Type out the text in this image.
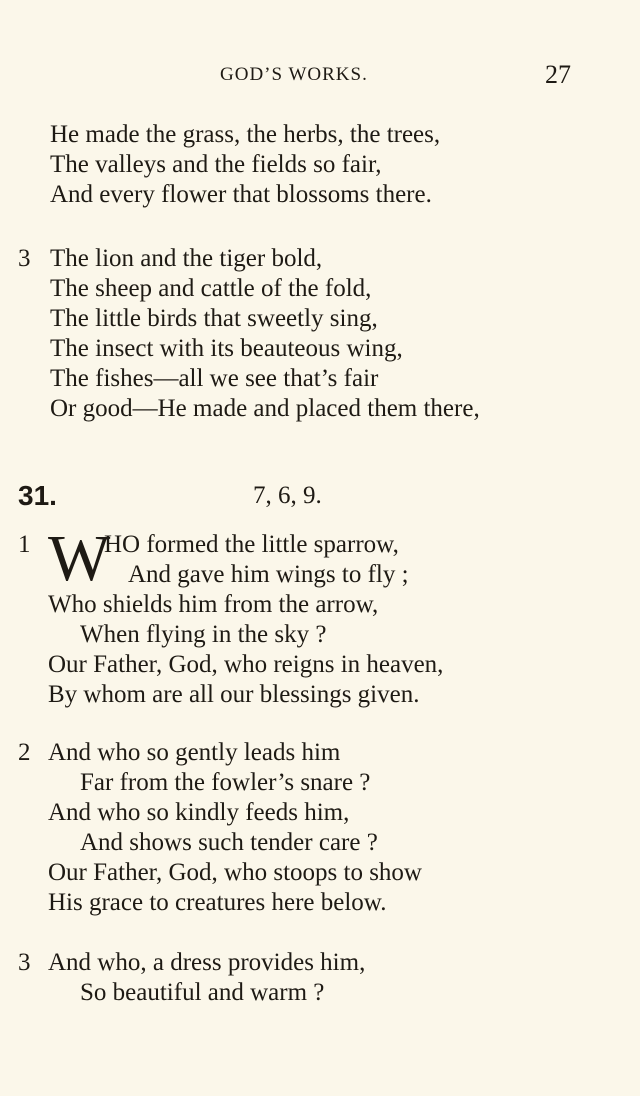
GOD’S WORKS.	27
He made the grass, the herbs, the trees,
The valleys and the fields so fair,
And every flower that blossoms there.
3 The lion and the tiger bold,
The sheep and cattle of the fold,
The little birds that sweetly sing,
The insect with its beauteous wing,
The fishes—all we see that’s fair
Or good—He made and placed them there,
31.	7, 6, 9.
1 W
HO formed the little sparrow,
And gave him wings to fly ;
Who shields him from the arrow,
When flying in the sky ?
Our Father, God, who reigns in heaven,
By whom are all our blessings given.
2 And who so gently leads him
Far from the fowler’s snare ?
And who so kindly feeds him,
And shows such tender care ?
Our Father, God, who stoops to show
His grace to creatures here below.
3 And who, a dress provides him,
So beautiful and warm ?
